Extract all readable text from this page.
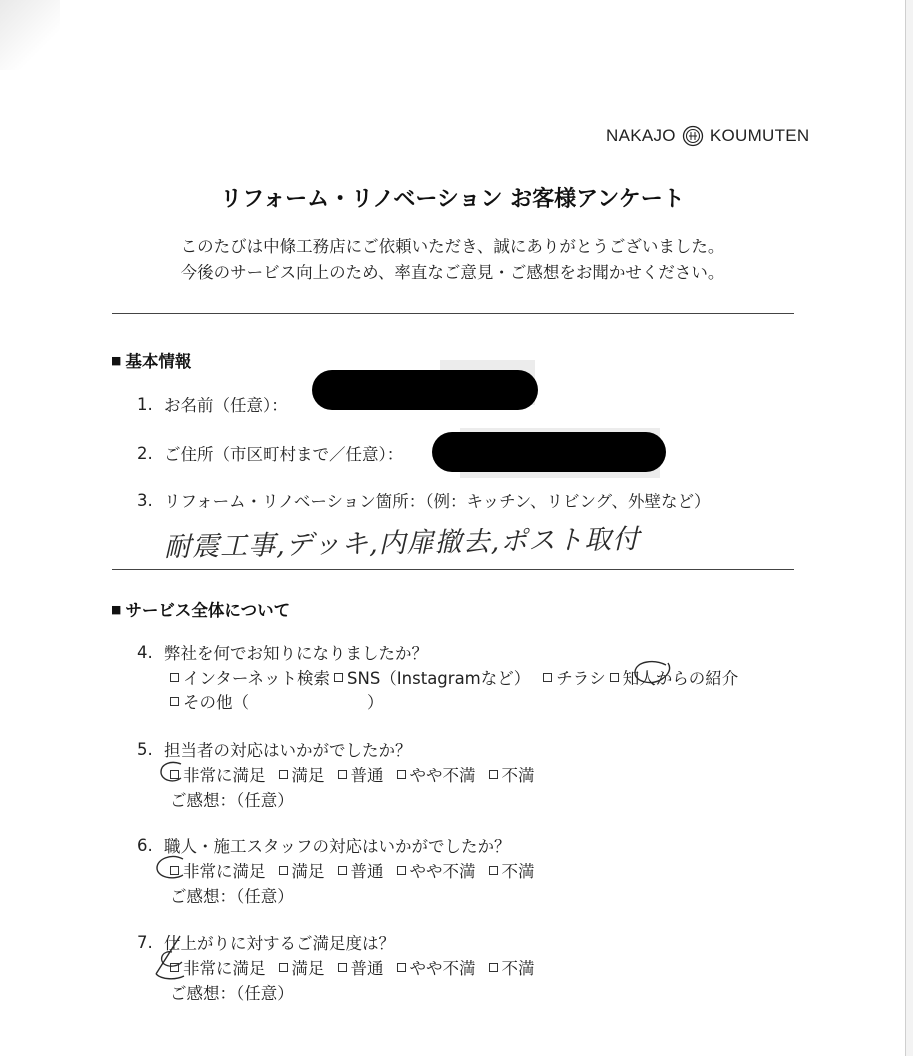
NAKAJO KOUMUTEN
リフォーム・リノベーション お客様アンケート
このたびは中條工務店にご依頼いただき、誠にありがとうございました。
今後のサービス向上のため、率直なご意見・ご感想をお聞かせください。
■ 基本情報
1. お名前（任意）：
2. ご住所（市区町村まで／任意）：
3. リフォーム・リノベーション箇所：（例：キッチン、リビング、外壁など）
耐震工事,デッキ,内扉撤去,ポスト取付
■ サービス全体について
4. 弊社を何でお知りになりましたか？
インターネット検索 SNS（Instagramなど） チラシ 知人からの紹介
その他（	）
5. 担当者の対応はいかがでしたか？
非常に満足 満足 普通 やや不満 不満
ご感想：（任意）
6. 職人・施工スタッフの対応はいかがでしたか？
非常に満足 満足 普通 やや不満 不満
ご感想：（任意）
7. 仕上がりに対するご満足度は？
非常に満足 満足 普通 やや不満 不満
ご感想：（任意）
